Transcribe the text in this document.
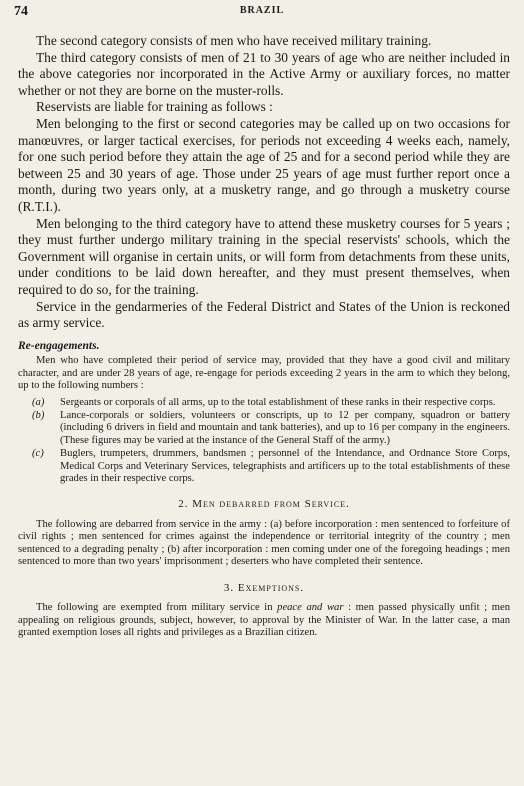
74	BRAZIL

The second category consists of men who have received military training.

The third category consists of men of 21 to 30 years of age who are neither included in the above categories nor incorporated in the Active Army or auxiliary forces, no matter whether or not they are borne on the muster-rolls.

Reservists are liable for training as follows :

Men belonging to the first or second categories may be called up on two occasions for manœuvres, or larger tactical exercises, for periods not exceeding 4 weeks each, namely, for one such period before they attain the age of 25 and for a second period while they are between 25 and 30 years of age. Those under 25 years of age must further report once a month, during two years only, at a musketry range, and go through a musketry course (R.T.I.).

Men belonging to the third category have to attend these musketry courses for 5 years ; they must further undergo military training in the special reservists' schools, which the Government will organise in certain units, or will form from detachments from these units, under conditions to be laid down hereafter, and they must present themselves, when required to do so, for the training.

Service in the gendarmeries of the Federal District and States of the Union is reckoned as army service.

Re-engagements.

Men who have completed their period of service may, provided that they have a good civil and military character, and are under 28 years of age, re-engage for periods exceeding 2 years in the arm to which they belong, up to the following numbers :

(a) Sergeants or corporals of all arms, up to the total establishment of these ranks in their respective corps.
(b) Lance-corporals or soldiers, volunteers or conscripts, up to 12 per company, squadron or battery (including 6 drivers in field and mountain and tank batteries), and up to 16 per company in the engineers. (These figures may be varied at the instance of the General Staff of the army.)
(c) Buglers, trumpeters, drummers, bandsmen ; personnel of the Intendance, and Ordnance Store Corps, Medical Corps and Veterinary Services, telegraphists and artificers up to the total establishments of these grades in their respective corps.
2. Men debarred from Service.

The following are debarred from service in the army : (a) before incorporation : men sentenced to forfeiture of civil rights ; men sentenced for crimes against the independence or territorial integrity of the country ; men sentenced to a degrading penalty ; (b) after incorporation : men coming under one of the foregoing headings ; men sentenced to more than two years' imprisonment ; deserters who have completed their sentence.

3. Exemptions.

The following are exempted from military service in peace and war : men passed physically unfit ; men appealing on religious grounds, subject, however, to approval by the Minister of War. In the latter case, a man granted exemption loses all rights and privileges as a Brazilian citizen.
